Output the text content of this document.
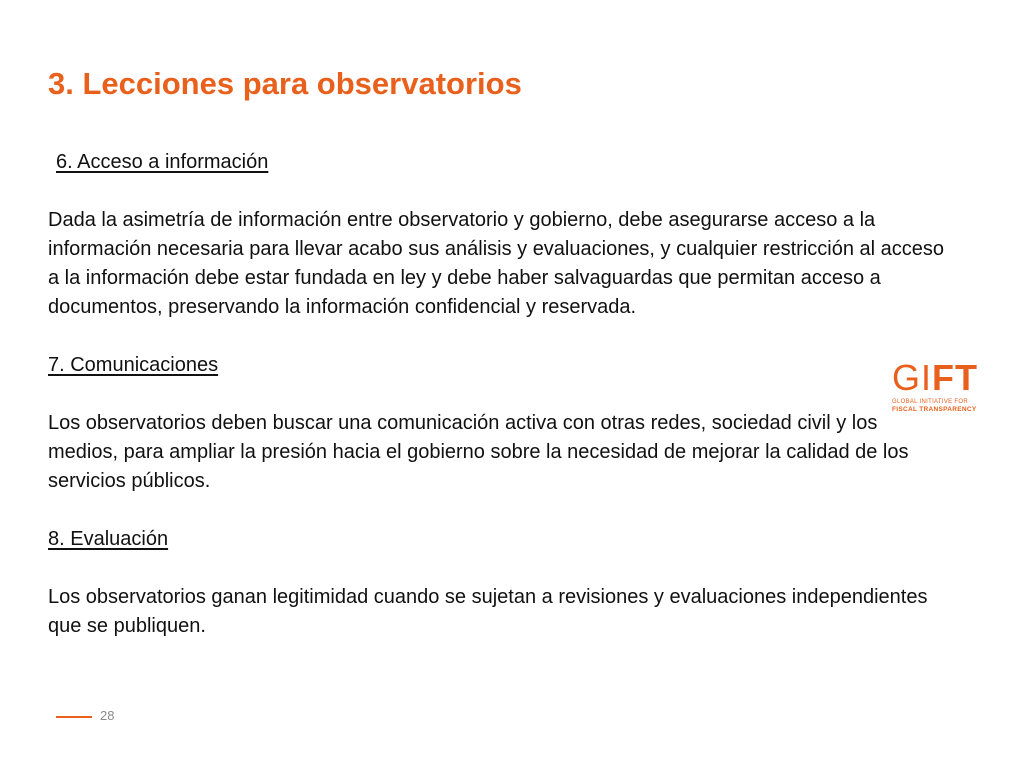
3. Lecciones para observatorios
6. Acceso a información

Dada la asimetría de información entre observatorio y gobierno, debe asegurarse acceso a la información necesaria para llevar acabo sus análisis y evaluaciones, y cualquier restricción al acceso a la información debe estar fundada en ley y debe haber salvaguardas que permitan acceso a documentos, preservando la información confidencial y reservada.

7. Comunicaciones

Los observatorios deben buscar una comunicación activa con otras redes, sociedad civil y los medios, para ampliar la presión hacia el gobierno sobre la necesidad de mejorar la calidad de los servicios públicos.

8. Evaluación

Los observatorios ganan legitimidad cuando se sujetan a revisiones y evaluaciones independientes que se publiquen.

GI FT
GLOBAL INITIATIVE FOR
FISCAL TRANSPARENCY
28
